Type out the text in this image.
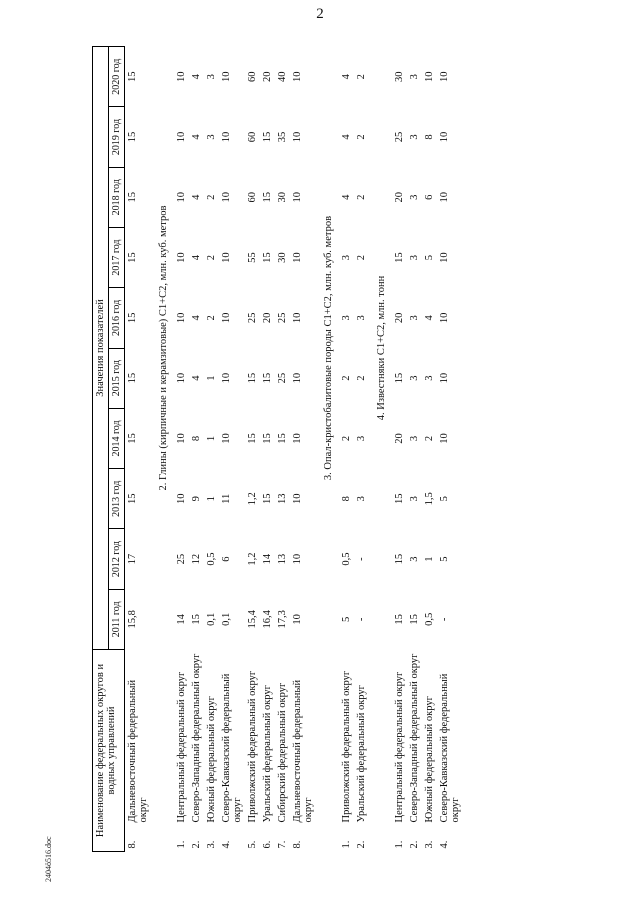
2
Наименование федеральных округов и водных управлений		Значения показателей									
		2011 год	2012 год	2013 год	2014 год	2015 год	2016 год	2017 год	2018 год	2019 год	2020 год
8.	Дальневосточный федеральный округ	15,8	17	15	15	15	15	15	15	15	15
		2. Глины (кирпичные и керамзитовые) С1+С2, млн. куб. метров									
1.	Центральный федеральный округ	14	25	10	10	10	10	10	10	10	10
2.	Северо-Западный федеральный округ	15	12	9	8	4	4	4	4	4	4
3.	Южный федеральный округ	0,1	0,5	1	1	1	2	2	2	3	3
4.	Северо-Кавказский федеральный округ	0,1	6	11	10	10	10	10	10	10	10
5.	Приволжский федеральный округ	15,4	1,2	1,2	15	15	25	55	60	60	60
6.	Уральский федеральный округ	16,4	14	15	15	15	20	15	15	15	20
7.	Сибирский федеральный округ	17,3	13	13	15	25	25	30	30	35	40
8.	Дальневосточный федеральный округ	10	10	10	10	10	10	10	10	10	10
		3. Опал-кристобалитовые породы С1+С2, млн. куб. метров									
1.	Приволжский федеральный округ	5	0,5	8	2	2	3	3	4	4	4
2.	Уральский федеральный округ	-	-	3	3	2	3	2	2	2	2
		4. Известняки С1+С2, млн. тонн									
1.	Центральный федеральный округ	15	15	15	20	15	20	15	20	25	30
2.	Северо-Западный федеральный округ	15	3	3	3	3	3	3	3	3	3
3.	Южный федеральный округ	0,5	1	1,5	2	3	4	5	6	8	10
4.	Северо-Кавказский федеральный округ	-	5	5	10	10	10	10	10	10	10
2404ö516.doc
